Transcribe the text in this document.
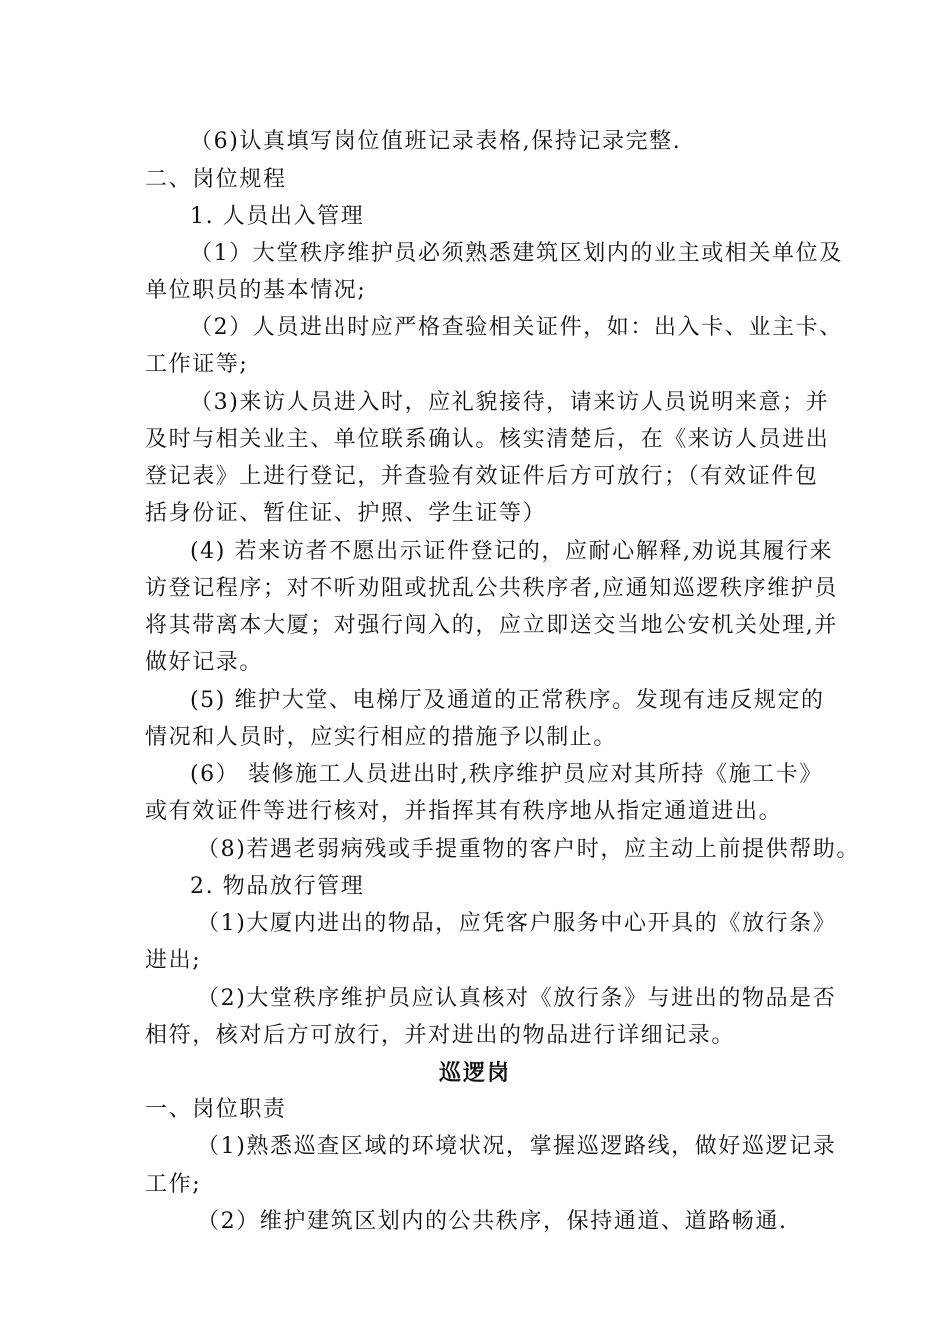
（6)认真填写岗位值班记录表格,保持记录完整.
二、岗位规程
1. 人员出入管理
（1）大堂秩序维护员必须熟悉建筑区划内的业主或相关单位及
单位职员的基本情况;
（2）人员进出时应严格查验相关证件，如：出入卡、业主卡、
工作证等;
（3)来访人员进入时，应礼貌接待，请来访人员说明来意；并
及时与相关业主、单位联系确认。核实清楚后，在《来访人员进出
登记表》上进行登记，并查验有效证件后方可放行；（有效证件包
括身份证、暂住证、护照、学生证等）
(4) 若来访者不愿出示证件登记的，应耐心解释,劝说其履行来
访登记程序；对不听劝阻或扰乱公共秩序者,应通知巡逻秩序维护员
将其带离本大厦；对强行闯入的，应立即送交当地公安机关处理,并
做好记录。
(5) 维护大堂、电梯厅及通道的正常秩序。发现有违反规定的
情况和人员时，应实行相应的措施予以制止。
(6） 装修施工人员进出时,秩序维护员应对其所持《施工卡》
或有效证件等进行核对，并指挥其有秩序地从指定通道进出。
（8)若遇老弱病残或手提重物的客户时，应主动上前提供帮助。
2. 物品放行管理
（1)大厦内进出的物品，应凭客户服务中心开具的《放行条》
进出;
（2)大堂秩序维护员应认真核对《放行条》与进出的物品是否
相符，核对后方可放行，并对进出的物品进行详细记录。
巡逻岗
一、岗位职责
（1)熟悉巡查区域的环境状况，掌握巡逻路线，做好巡逻记录
工作;
（2）维护建筑区划内的公共秩序，保持通道、道路畅通.
